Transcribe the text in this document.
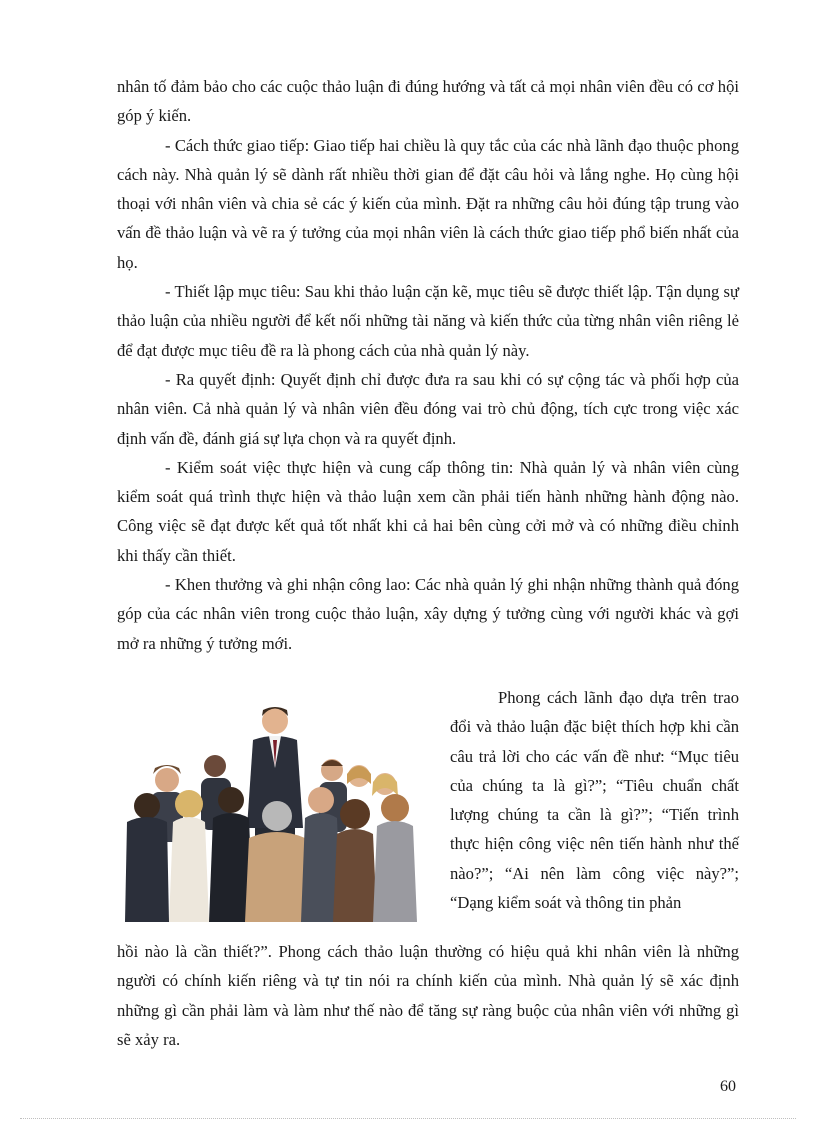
nhân tố đảm bảo cho các cuộc thảo luận đi đúng hướng và tất cả mọi nhân viên đều có cơ hội góp ý kiến.

- Cách thức giao tiếp: Giao tiếp hai chiều là quy tắc của các nhà lãnh đạo thuộc phong cách này. Nhà quản lý sẽ dành rất nhiều thời gian để đặt câu hỏi và lắng nghe. Họ cùng hội thoại với nhân viên và chia sẻ các ý kiến của mình. Đặt ra những câu hỏi đúng tập trung vào vấn đề thảo luận và vẽ ra ý tưởng của mọi nhân viên là cách thức giao tiếp phổ biến nhất của họ.

- Thiết lập mục tiêu: Sau khi thảo luận cặn kẽ, mục tiêu sẽ được thiết lập. Tận dụng sự thảo luận của nhiều người để kết nối những tài năng và kiến thức của từng nhân viên riêng lẻ để đạt được mục tiêu đề ra là phong cách của nhà quản lý này.

- Ra quyết định: Quyết định chỉ được đưa ra sau khi có sự cộng tác và phối hợp của nhân viên. Cả nhà quản lý và nhân viên đều đóng vai trò chủ động, tích cực trong việc xác định vấn đề, đánh giá sự lựa chọn và ra quyết định.

- Kiểm soát việc thực hiện và cung cấp thông tin: Nhà quản lý và nhân viên cùng kiểm soát quá trình thực hiện và thảo luận xem cần phải tiến hành những hành động nào. Công việc sẽ đạt được kết quả tốt nhất khi cả hai bên cùng cởi mở và có những điều chỉnh khi thấy cần thiết.

- Khen thưởng và ghi nhận công lao: Các nhà quản lý ghi nhận những thành quả đóng góp của các nhân viên trong cuộc thảo luận, xây dựng ý tưởng cùng với người khác và gợi mở ra những ý tưởng mới.

Phong cách lãnh đạo dựa trên trao đổi và thảo luận đặc biệt thích hợp khi cần câu trả lời cho các vấn đề như: “Mục tiêu của chúng ta là gì?”; “Tiêu chuẩn chất lượng chúng ta cần là gì?”; “Tiến trình thực hiện công việc nên tiến hành như thế nào?”; “Ai nên làm công việc này?”; “Dạng kiểm soát và thông tin phản

hồi nào là cần thiết?”. Phong cách thảo luận thường có hiệu quả khi nhân viên là những người có chính kiến riêng và tự tin nói ra chính kiến của mình. Nhà quản lý sẽ xác định những gì cần phải làm và làm như thế nào để tăng sự ràng buộc của nhân viên với những gì sẽ xảy ra.

60
